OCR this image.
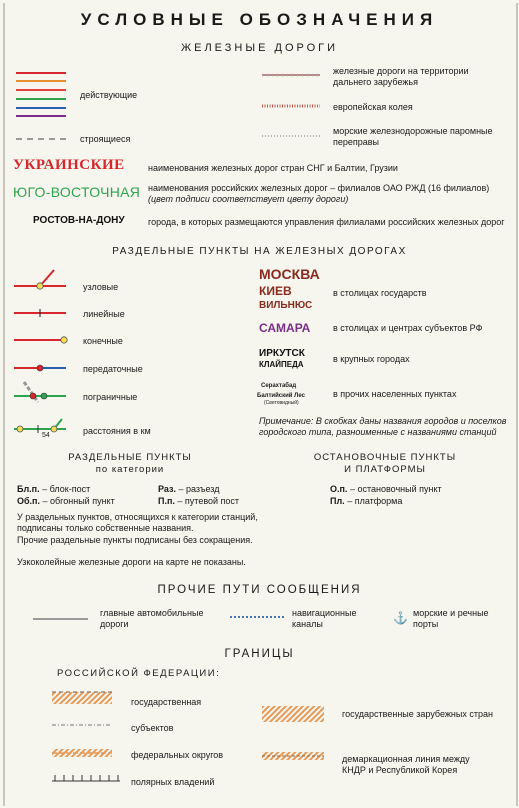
УСЛОВНЫЕ ОБОЗНАЧЕНИЯ
ЖЕЛЕЗНЫЕ ДОРОГИ
действующие
строящиеся
железные дороги на территории дальнего зарубежья
европейская колея
морские железнодорожные паромные переправы
УКРАИНСКИЕ	наименования железных дорог стран СНГ и Балтии, Грузии
ЮГО-ВОСТОЧНАЯ наименования российских железных дорог – филиалов ОАО РЖД (16 филиалов)
(цвет подписи соответствует цвету дороги)
РОСТОВ-НА-ДОНУ	города, в которых размещаются управления филиалами российских железных дорог
РАЗДЕЛЬНЫЕ ПУНКТЫ НА ЖЕЛЕЗНЫХ ДОРОГАХ
54
узловые
линейные
конечные
передаточные
пограничные
расстояния в км
МОСКВА
КИЕВ
ВИЛЬНЮС
в столицах государств
САМАРА	в столицах и центрах субъектов РФ
ИРКУТСК
КЛАЙПЕДА
в крупных городах
Серахтабад
Балтийский Лес
(Световидный)
в прочих населенных пунктах
Примечание: В скобках даны названия городов и поселков городского типа, разноименные с названиями станций
РАЗДЕЛЬНЫЕ ПУНКТЫ
по категории
ОСТАНОВОЧНЫЕ ПУНКТЫ
И ПЛАТФОРМЫ
Бл.п. – блок-пост
Об.п. – обгонный пункт
Раз. – разъезд
П.п. – путевой пост
О.п. – остановочный пункт
Пл. – платформа
У раздельных пунктов, относящихся к категории станций, подписаны только собственные названия.
Прочие раздельные пункты подписаны без сокращения.
Узкоколейные железные дороги на карте не показаны.
ПРОЧИЕ ПУТИ СООБЩЕНИЯ
главные автомобильные дороги
навигационные каналы	⚓ морские и речные порты
ГРАНИЦЫ
РОССИЙСКОЙ ФЕДЕРАЦИИ:
государственная
субъектов
федеральных округов
полярных владений
государственные зарубежных стран
демаркационная линия между КНДР и Республикой Корея
